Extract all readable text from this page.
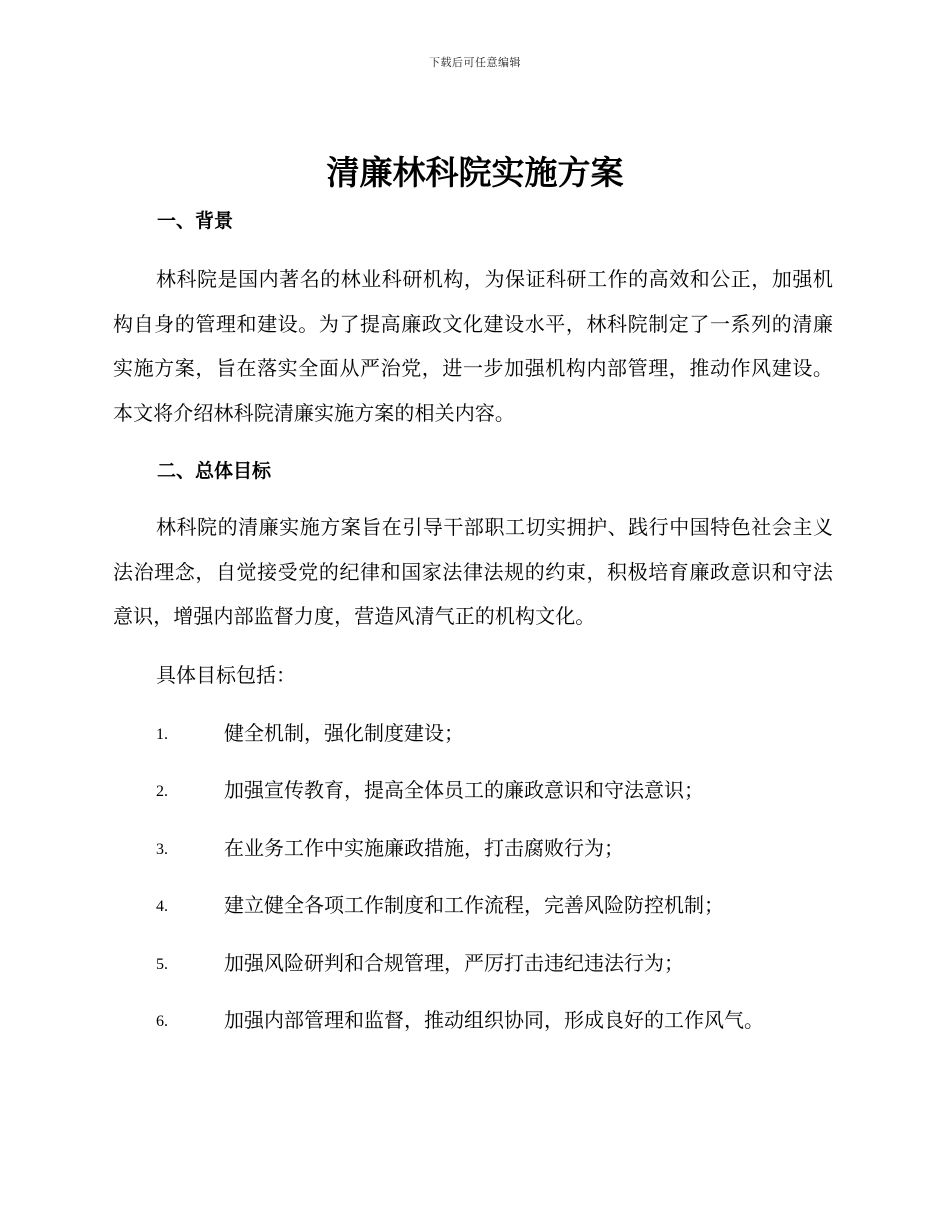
下载后可任意编辑
清廉林科院实施方案
一、背景
林科院是国内著名的林业科研机构，为保证科研工作的高效和公正，加强机构自身的管理和建设。为了提高廉政文化建设水平，林科院制定了一系列的清廉实施方案，旨在落实全面从严治党，进一步加强机构内部管理，推动作风建设。本文将介绍林科院清廉实施方案的相关内容。
二、总体目标
林科院的清廉实施方案旨在引导干部职工切实拥护、践行中国特色社会主义法治理念，自觉接受党的纪律和国家法律法规的约束，积极培育廉政意识和守法意识，增强内部监督力度，营造风清气正的机构文化。
具体目标包括：
1.	健全机制，强化制度建设；
2.	加强宣传教育，提高全体员工的廉政意识和守法意识；
3.	在业务工作中实施廉政措施，打击腐败行为；
4.	建立健全各项工作制度和工作流程，完善风险防控机制；
5.	加强风险研判和合规管理，严厉打击违纪违法行为；
6.	加强内部管理和监督，推动组织协同，形成良好的工作风气。
